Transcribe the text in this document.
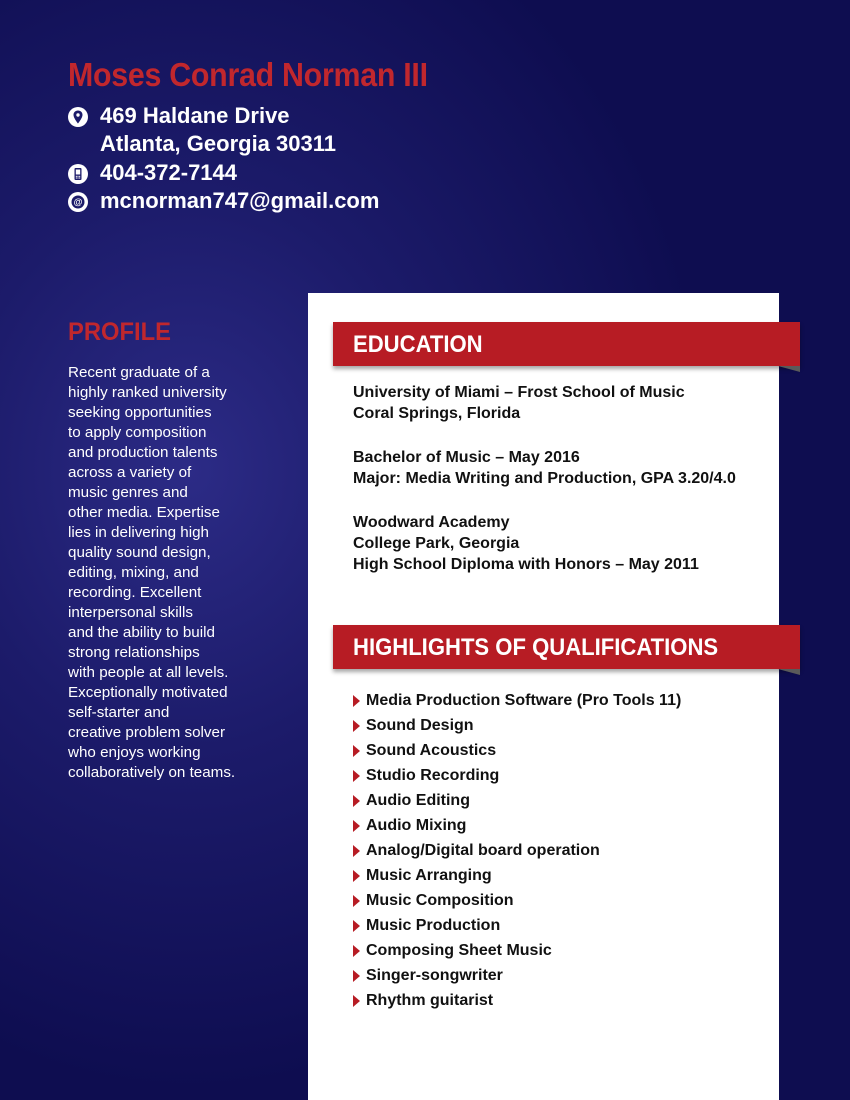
Moses Conrad Norman III
469 Haldane Drive
Atlanta, Georgia 30311
404-372-7144
@ mcnorman747@gmail.com
PROFILE

Recent graduate of a
highly ranked university
seeking opportunities
to apply composition
and production talents
across a variety of
music genres and
other media. Expertise
lies in delivering high
quality sound design,
editing, mixing, and
recording. Excellent
interpersonal skills
and the ability to build
strong relationships
with people at all levels.
Exceptionally motivated
self-starter and
creative problem solver
who enjoys working
collaboratively on teams.

EDUCATION
University of Miami – Frost School of Music
Coral Springs, Florida
Bachelor of Music – May 2016
Major: Media Writing and Production, GPA 3.20/4.0
Woodward Academy
College Park, Georgia
High School Diploma with Honors – May 2011
HIGHLIGHTS OF QUALIFICATIONS
Media Production Software (Pro Tools 11)
Sound Design
Sound Acoustics
Studio Recording
Audio Editing
Audio Mixing
Analog/Digital board operation
Music Arranging
Music Composition
Music Production
Composing Sheet Music
Singer-songwriter
Rhythm guitarist
